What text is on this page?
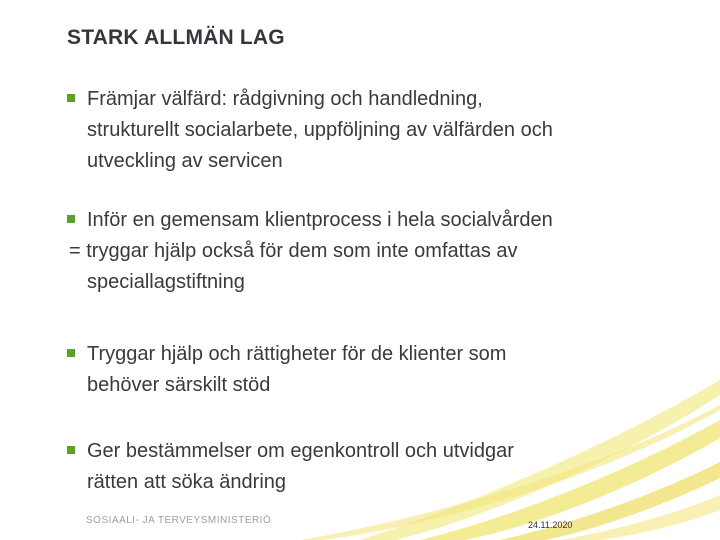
STARK ALLMÄN LAG
Främjar välfärd: rådgivning och handledning,
strukturellt socialarbete, uppföljning av välfärden och
utveckling av servicen
Inför en gemensam klientprocess i hela socialvården
= tryggar hjälp också för dem som inte omfattas av
speciallagstiftning
Tryggar hjälp och rättigheter för de klienter som
behöver särskilt stöd
Ger bestämmelser om egenkontroll och utvidgar
rätten att söka ändring
SOSIAALI- JA TERVEYSMINISTERIÖ	24.11.2020
